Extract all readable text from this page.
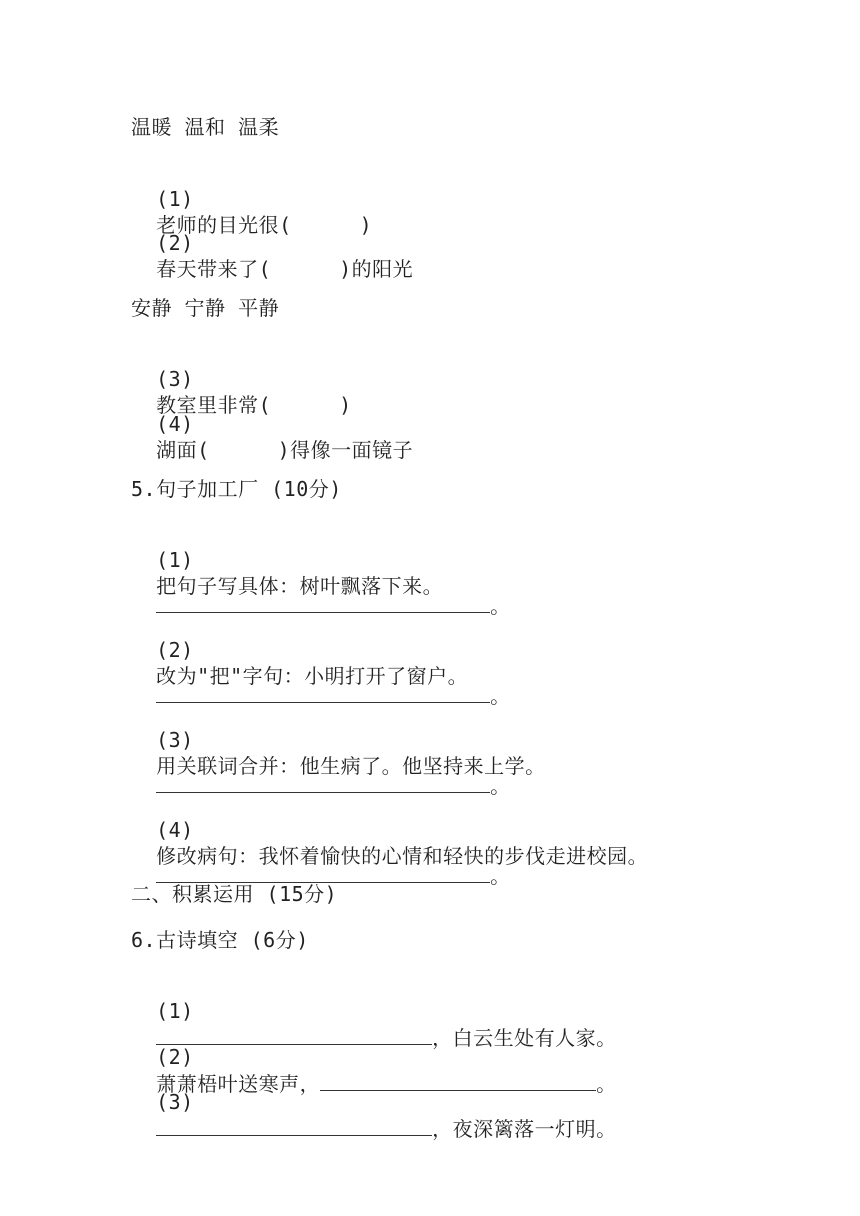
温暖 温和 温柔

(1)
老师的目光很(	)

(2)
春天带来了(	)的阳光

安静 宁静 平静

(3)
教室里非常(	)

(4)
湖面(	)得像一面镜子

5.句子加工厂 (10分)

(1)
把句子写具体：树叶飘落下来。

。

(2)
改为"把"字句：小明打开了窗户。

。

(3)
用关联词合并：他生病了。他坚持来上学。

。

(4)
修改病句：我怀着愉快的心情和轻快的步伐走进校园。

。

二、积累运用 (15分)
6.古诗填空 (6分)

(1)
，白云生处有人家。

(2)
萧萧梧叶送寒声，	。

(3)
，夜深篱落一灯明。
